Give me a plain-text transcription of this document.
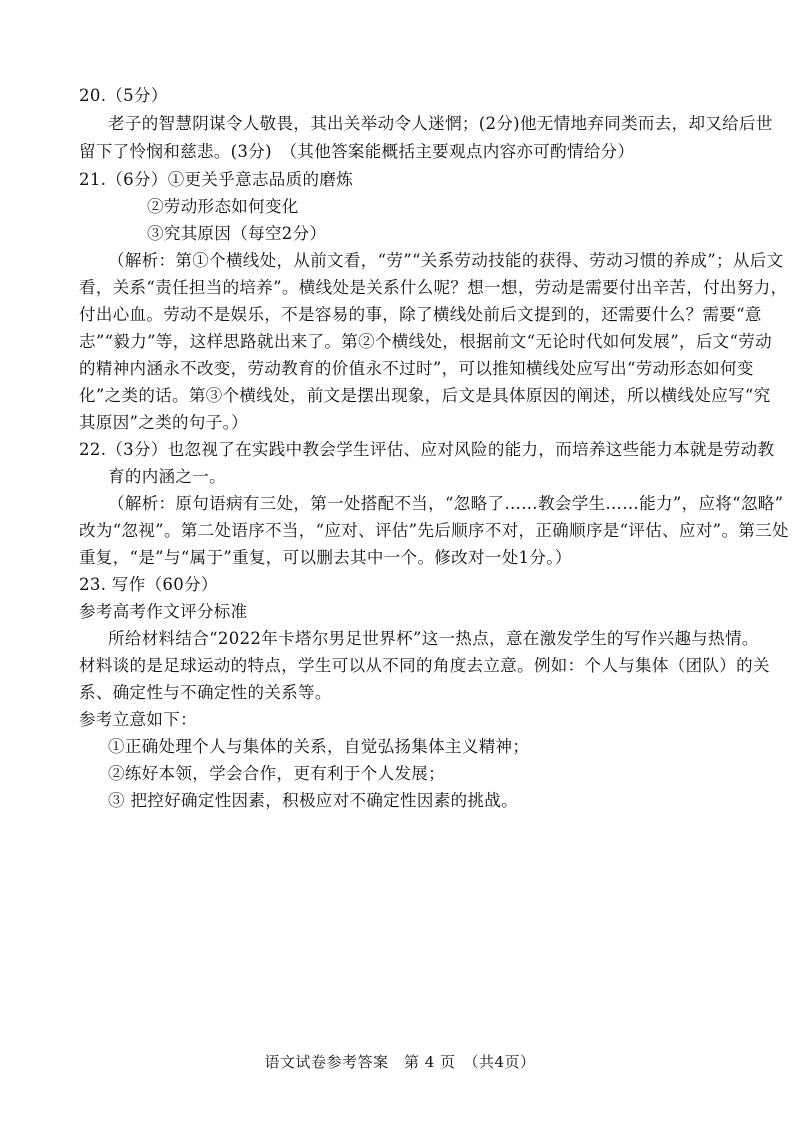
20.（5分）
老子的智慧阴谋令人敬畏，其出关举动令人迷惘；(2分)他无情地弃同类而去，却又给后世
留下了怜悯和慈悲。(3分)　（其他答案能概括主要观点内容亦可酌情给分）
21.（6分）①更关乎意志品质的磨炼
②劳动形态如何变化
③究其原因（每空2分）
（解析：第①个横线处，从前文看，“劳”“关系劳动技能的获得、劳动习惯的养成”；从后文
看，关系“责任担当的培养”。横线处是关系什么呢？想一想，劳动是需要付出辛苦，付出努力，
付出心血。劳动不是娱乐，不是容易的事，除了横线处前后文提到的，还需要什么？需要“意
志”“毅力”等，这样思路就出来了。第②个横线处，根据前文“无论时代如何发展”，后文“劳动
的精神内涵永不改变，劳动教育的价值永不过时”，可以推知横线处应写出“劳动形态如何变
化”之类的话。第③个横线处，前文是摆出现象，后文是具体原因的阐述，所以横线处应写“究
其原因”之类的句子。）
22.（3分）也忽视了在实践中教会学生评估、应对风险的能力，而培养这些能力本就是劳动教
育的内涵之一。
（解析：原句语病有三处，第一处搭配不当，“忽略了……教会学生……能力”，应将“忽略”
改为“忽视”。第二处语序不当，“应对、评估”先后顺序不对，正确顺序是“评估、应对”。第三处
重复，“是”与“属于”重复，可以删去其中一个。修改对一处1分。）
23. 写作（60分）
参考高考作文评分标准
所给材料结合“2022年卡塔尔男足世界杯”这一热点，意在激发学生的写作兴趣与热情。
材料谈的是足球运动的特点，学生可以从不同的角度去立意。例如：个人与集体（团队）的关
系、确定性与不确定性的关系等。
参考立意如下：
①正确处理个人与集体的关系，自觉弘扬集体主义精神；
②练好本领，学会合作，更有利于个人发展；
③ 把控好确定性因素，积极应对不确定性因素的挑战。
语文试卷参考答案　第 4 页　（共4页）
